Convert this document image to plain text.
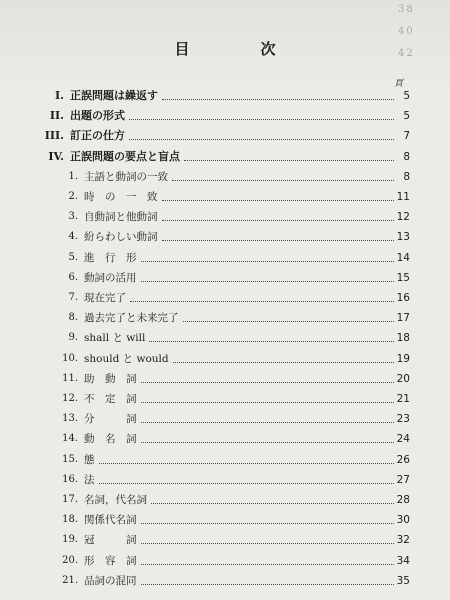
38
40
42
目　次
頁
I. 正誤問題は繰返す	5
II. 出題の形式	5
III. 訂正の仕方	7
IV. 正誤問題の要点と盲点	8
1. 主語と動詞の一致	8
2. 時　の　一　致	11
3. 自動詞と他動詞	12
4. 紛らわしい動詞	13
5. 進　行　形	14
6. 動詞の活用	15
7. 現在完了	16
8. 過去完了と未来完了	17
9. shall と will	18
10. should と would	19
11. 助　動　詞	20
12. 不　定　詞	21
13. 分　　　詞	23
14. 動　名　詞	24
15. 態	26
16. 法	27
17. 名詞，代名詞	28
18. 関係代名詞	30
19. 冠　　　詞	32
20. 形　容　詞	34
21. 品詞の混同	35
